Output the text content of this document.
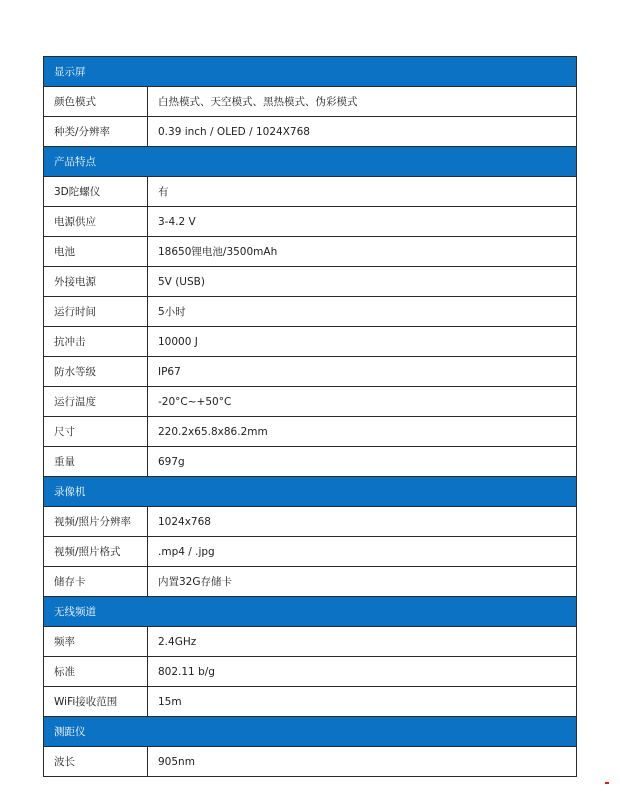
显示屏
颜色模式	白热模式、天空模式、黑热模式、伪彩模式
种类/分辨率	0.39 inch / OLED / 1024X768
产品特点
3D陀螺仪	有
电源供应	3-4.2 V
电池	18650锂电池/3500mAh
外接电源	5V (USB)
运行时间	5小时
抗冲击	10000 J
防水等级	IP67
运行温度	-20°C~+50°C
尺寸	220.2x65.8x86.2mm
重量	697g
录像机
视频/照片分辨率	1024x768
视频/照片格式	.mp4 / .jpg
储存卡	内置32G存储卡
无线频道
频率	2.4GHz
标准	802.11 b/g
WiFi接收范围	15m
测距仪
波长	905nm
